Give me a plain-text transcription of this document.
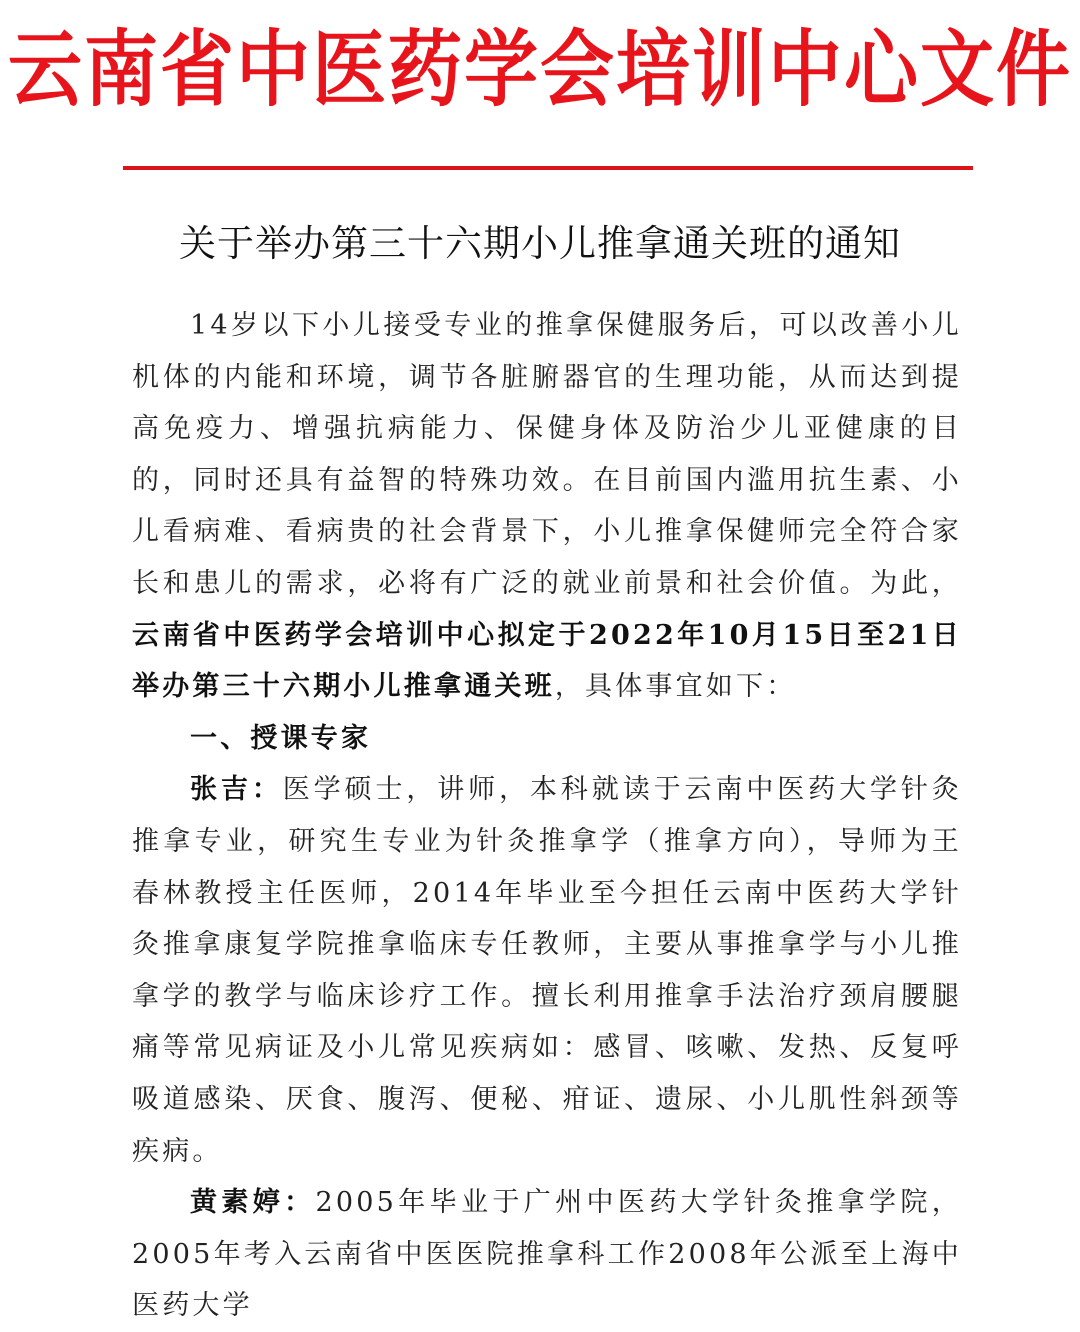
云南省中医药学会培训中心文件
关于举办第三十六期小儿推拿通关班的通知

14岁以下小儿接受专业的推拿保健服务后，可以改善小儿机体的内能和环境，调节各脏腑器官的生理功能，从而达到提高免疫力、增强抗病能力、保健身体及防治少儿亚健康的目的，同时还具有益智的特殊功效。在目前国内滥用抗生素、小儿看病难、看病贵的社会背景下，小儿推拿保健师完全符合家长和患儿的需求，必将有广泛的就业前景和社会价值。为此，云南省中医药学会培训中心拟定于2022年10月15日至21日举办第三十六期小儿推拿通关班，具体事宜如下：

一、授课专家

张吉：医学硕士，讲师，本科就读于云南中医药大学针灸推拿专业，研究生专业为针灸推拿学（推拿方向），导师为王春林教授主任医师，2014年毕业至今担任云南中医药大学针灸推拿康复学院推拿临床专任教师，主要从事推拿学与小儿推拿学的教学与临床诊疗工作。擅长利用推拿手法治疗颈肩腰腿痛等常见病证及小儿常见疾病如：感冒、咳嗽、发热、反复呼吸道感染、厌食、腹泻、便秘、疳证、遗尿、小儿肌性斜颈等疾病。

黄素婷：2005年毕业于广州中医药大学针灸推拿学院，2005年考入云南省中医医院推拿科工作2008年公派至上海中医药大学
